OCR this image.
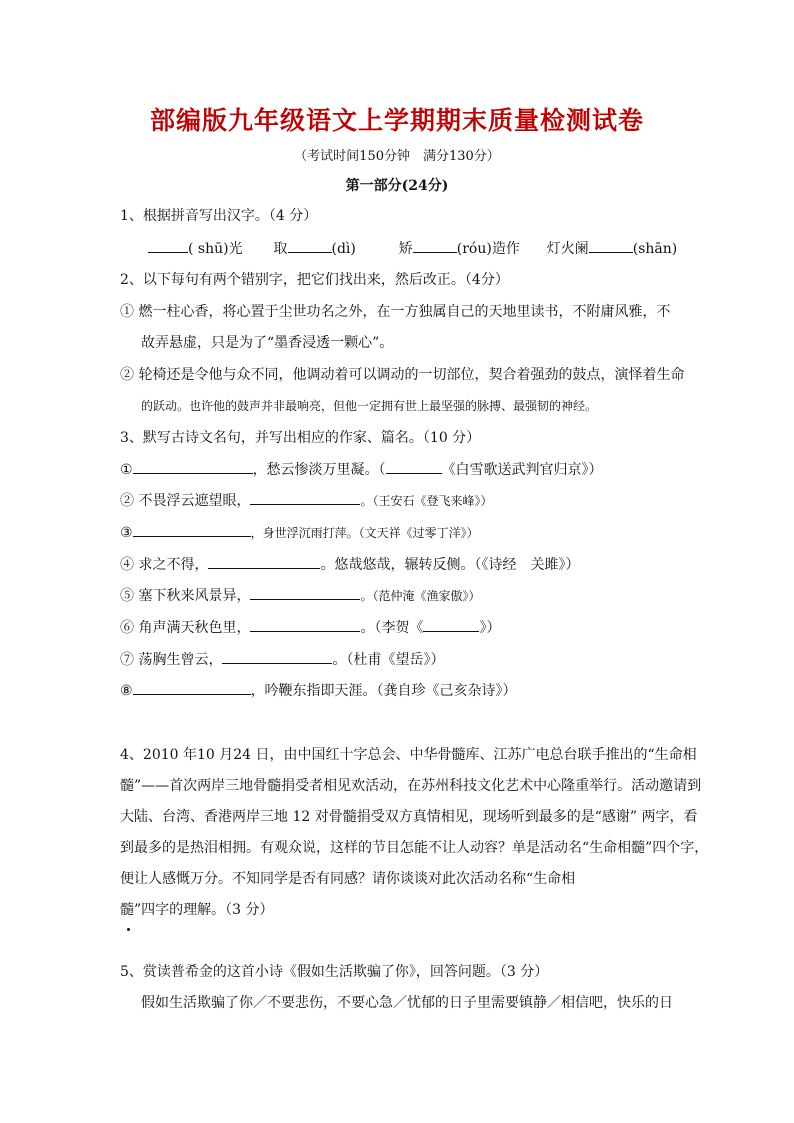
部编版九年级语文上学期期末质量检测试卷
（考试时间150分钟　满分130分）
第一部分(24分)
1、根据拼音写出汉字。（4 分）
( shū)光 取	(dì)	矫	(róu)造作 灯火阑	(shān)
2、以下每句有两个错别字，把它们找出来，然后改正。（4分）
① 燃一柱心香，将心置于尘世功名之外，在一方独属自己的天地里读书，不附庸风雅，不
故弄悬虚，只是为了“墨香浸透一颗心”。
② 轮椅还是令他与众不同，他调动着可以调动的一切部位，契合着强劲的鼓点，演怿着生命
的跃动。也许他的鼓声并非最响亮，但他一定拥有世上最坚强的脉搏、最强韧的神经。
3、默写古诗文名句，并写出相应的作家、篇名。（10 分）
①	，愁云惨淡万里凝。（	《白雪歌送武判官归京》）
② 不畏浮云遮望眼，	。（王安石《登飞来峰》）
③	，身世浮沉雨打萍。（文天祥《过零丁洋》）
④ 求之不得，	。悠哉悠哉，辗转反侧。（《诗经　关雎》）
⑤ 塞下秋来风景异，	。（范仲淹《渔家傲》）
⑥ 角声满天秋色里，	。（李贺《	》）
⑦ 荡胸生曾云，	。（杜甫《望岳》）
⑧	，吟鞭东指即天涯。（龚自珍《己亥杂诗》）
4、2010 年10 月24 日，由中国红十字总会、中华骨髓库、江苏广电总台联手推出的“生命相
髓”——首次两岸三地骨髓捐受者相见欢活动，在苏州科技文化艺术中心隆重举行。活动邀请到
大陆、台湾、香港两岸三地 12 对骨髓捐受双方真情相见，现场听到最多的是“感谢” 两字，看
到最多的是热泪相拥。有观众说，这样的节目怎能不让人动容？单是活动名“生命相髓”四个字，
便让人感慨万分。不知同学是否有同感？请你谈谈对此次活动名称“生命相
髓”四字的理解。（3 分）
5、赏读普希金的这首小诗《假如生活欺骗了你》，回答问题。（3 分）
假如生活欺骗了你／不要悲伤，不要心急／忧郁的日子里需要镇静／相信吧，快乐的日
